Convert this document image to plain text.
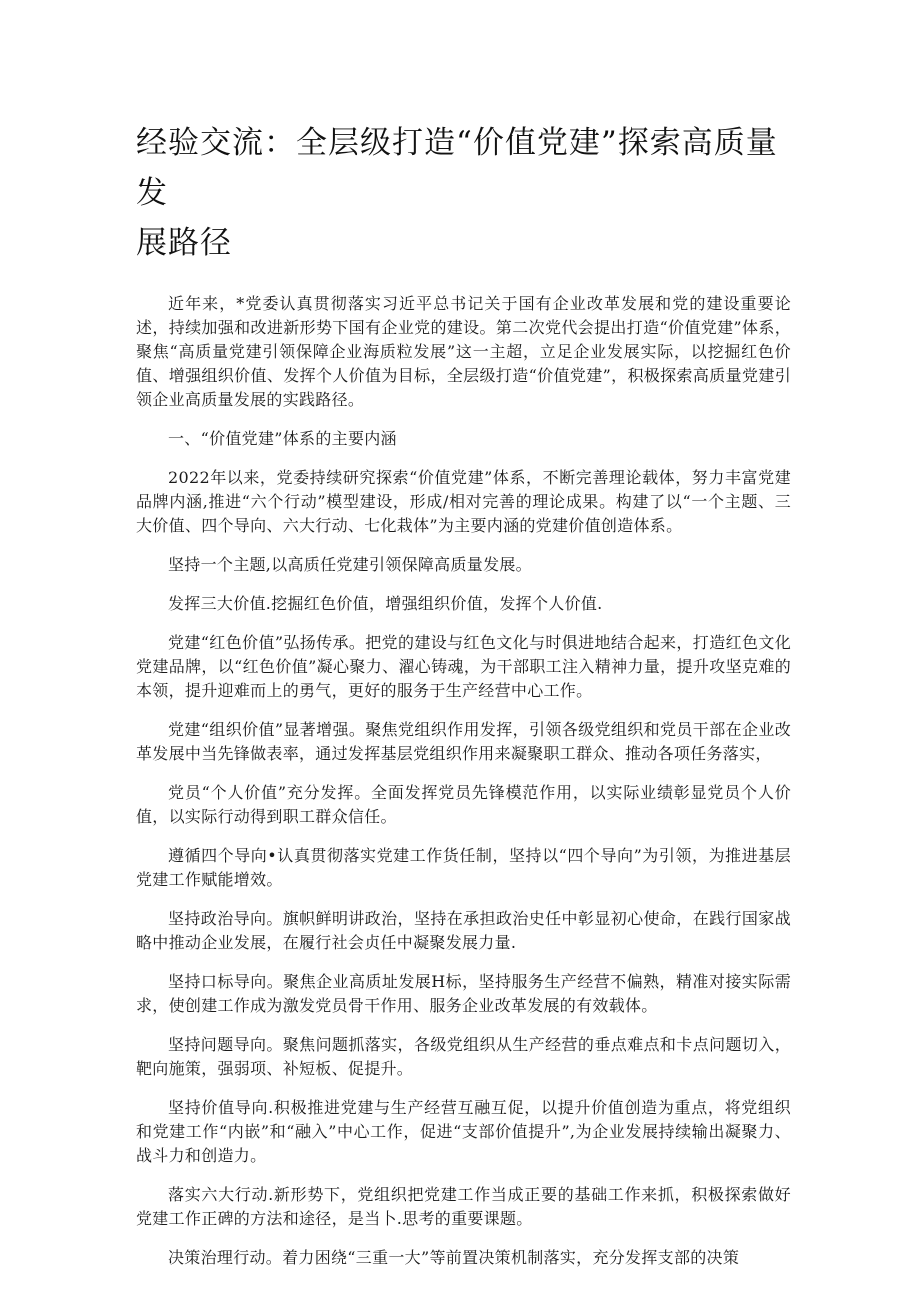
经验交流：全层级打造“价值党建”探索高质量发
展路径

近年来，*党委认真贯彻落实习近平总书记关于国有企业改革发展和党的建设重要论述，持续加强和改进新形势下国有企业党的建设。第二次党代会提出打造“价值党建”体系，聚焦“高质量党建引领保障企业海质粒发展”这一主超，立足企业发展实际，以挖掘红色价值、增强组织价值、发挥个人价值为目标，全层级打造“价值党建”，积极探索高质量党建引领企业高质量发展的实践路径。

一、“价值党建”体系的主要内涵

2022年以来，党委持续研究探索“价值党建”体系，不断完善理论载体，努力丰富党建品牌内涵,推进“六个行动”模型建设，形成/相对完善的理论成果。构建了以“一个主题、三大价值、四个导向、六大行动、七化栽体”为主要内涵的党建价值创造体系。

坚持一个主题,以高质任党建引领保障高质量发展。

发挥三大价值.挖掘红色价值，增强组织价值，发挥个人价值.

党建“红色价值”弘扬传承。把党的建设与红色文化与时俱进地结合起来，打造红色文化党建品牌，以“红色价值”凝心聚力、濯心铸魂，为干部职工注入精神力量，提升攻坚克难的本领，提升迎难而上的勇气，更好的服务于生产经营中心工作。

党建“组织价值”显著增强。聚焦党组织作用发挥，引领各级党组织和党员干部在企业改革发展中当先锋做表率，通过发挥基层党组织作用来凝聚职工群众、推动各项任务落实，

党员“个人价值”充分发挥。全面发挥党员先锋模范作用，以实际业绩彰显党员个人价值，以实际行动得到职工群众信任。

遵循四个导向•认真贯彻落实党建工作货任制，坚持以“四个导向”为引领，为推进基层党建工作赋能增效。

坚持政治导向。旗帜鲜明讲政治，坚持在承担政治史任中彰显初心使命，在践行国家战略中推动企业发展，在履行社会贞任中凝聚发展力量.

坚持口标导向。聚焦企业高质址发展H标，坚持服务生产经营不偏熟，精准对接实际需求，使创建工作成为激发党员骨干作用、服务企业改革发展的有效载体。

坚持问题导向。聚焦问题抓落实，各级党组织从生产经营的垂点难点和卡点问题切入，靶向施策，强弱项、补短板、促提升。

坚持价值导向.积极推进党建与生产经营互融互促，以提升价值创造为重点，将党组织和党建工作“内嵌”和“融入”中心工作，促进“支部价值提升”,为企业发展持续输出凝聚力、战斗力和创造力。

落实六大行动.新形势下，党组织把党建工作当成正要的基础工作来抓，积极探索做好党建工作正碑的方法和途径，是当卜.思考的重要课题。

决策治理行动。着力困绕“三重一大”等前置决策机制落实，充分发挥支部的决策
